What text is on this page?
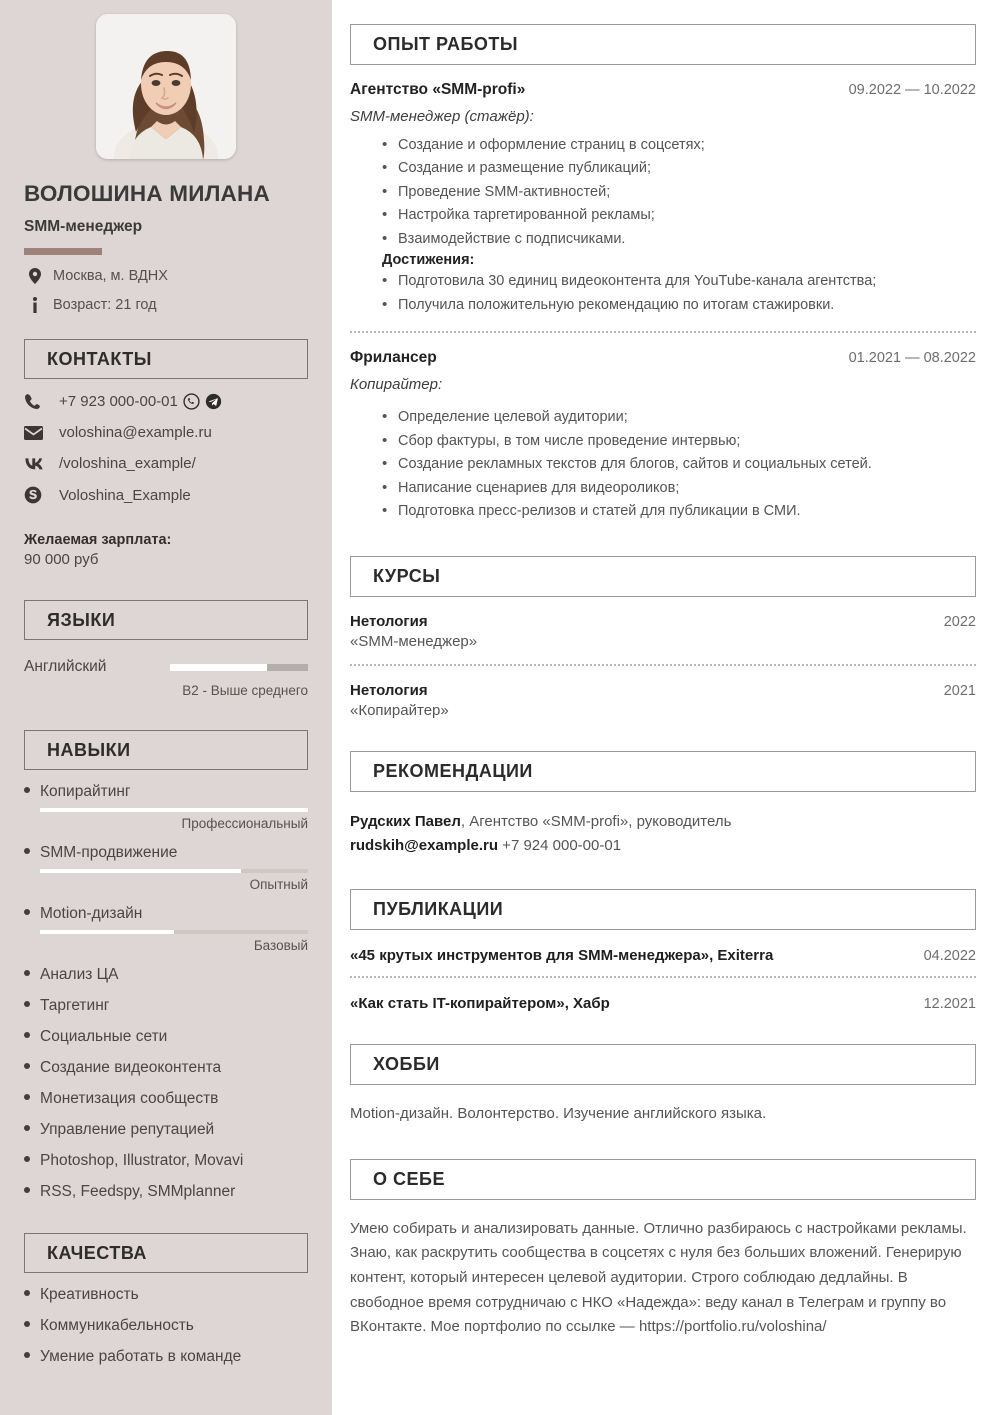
ВОЛОШИНА МИЛАНА
SMM-менеджер
Москва, м. ВДНХ
Возраст: 21 год
КОНТАКТЫ
+7 923 000-00-01
voloshina@example.ru
/voloshina_example/
Voloshina_Example
Желаемая зарплата:
90 000 руб
ЯЗЫКИ
Английский
B2 - Выше среднего
НАВЫКИ
Копирайтинг
Профессиональный
SMM-продвижение
Опытный
Motion-дизайн
Базовый
Анализ ЦА
Таргетинг
Социальные сети
Создание видеоконтента
Монетизация сообществ
Управление репутацией
Photoshop, Illustrator, Movavi
RSS, Feedspy, SMMplanner
КАЧЕСТВА
Креативность
Коммуникабельность
Умение работать в команде
ОПЫТ РАБОТЫ
Агентство «SMM-profi»	09.2022 — 10.2022
SMM-менеджер (стажёр):
• Создание и оформление страниц в соцсетях;
• Создание и размещение публикаций;
• Проведение SMM-активностей;
• Настройка таргетированной рекламы;
• Взаимодействие с подписчиками.
Достижения:
• Подготовила 30 единиц видеоконтента для YouTube-канала агентства;
• Получила положительную рекомендацию по итогам стажировки.
Фрилансер	01.2021 — 08.2022
Копирайтер:
• Определение целевой аудитории;
• Сбор фактуры, в том числе проведение интервью;
• Создание рекламных текстов для блогов, сайтов и социальных сетей.
• Написание сценариев для видеороликов;
• Подготовка пресс-релизов и статей для публикации в СМИ.
КУРСЫ
Нетология	2022
«SMM-менеджер»
Нетология	2021
«Копирайтер»
РЕКОМЕНДАЦИИ
Рудских Павел, Агентство «SMM-profi», руководитель
rudskih@example.ru +7 924 000-00-01
ПУБЛИКАЦИИ
«45 крутых инструментов для SMM-менеджера», Exiterra	04.2022
«Как стать IT-копирайтером», Хабр	12.2021
ХОББИ
Motion-дизайн. Волонтерство. Изучение английского языка.
О СЕБЕ
Умею собирать и анализировать данные. Отлично разбираюсь с настройками рекламы. Знаю, как раскрутить сообщества в соцсетях с нуля без больших вложений. Генерирую контент, который интересен целевой аудитории. Строго соблюдаю дедлайны. В свободное время сотрудничаю с НКО «Надежда»: веду канал в Телеграм и группу во ВКонтакте. Мое портфолио по ссылке — https://portfolio.ru/voloshina/
